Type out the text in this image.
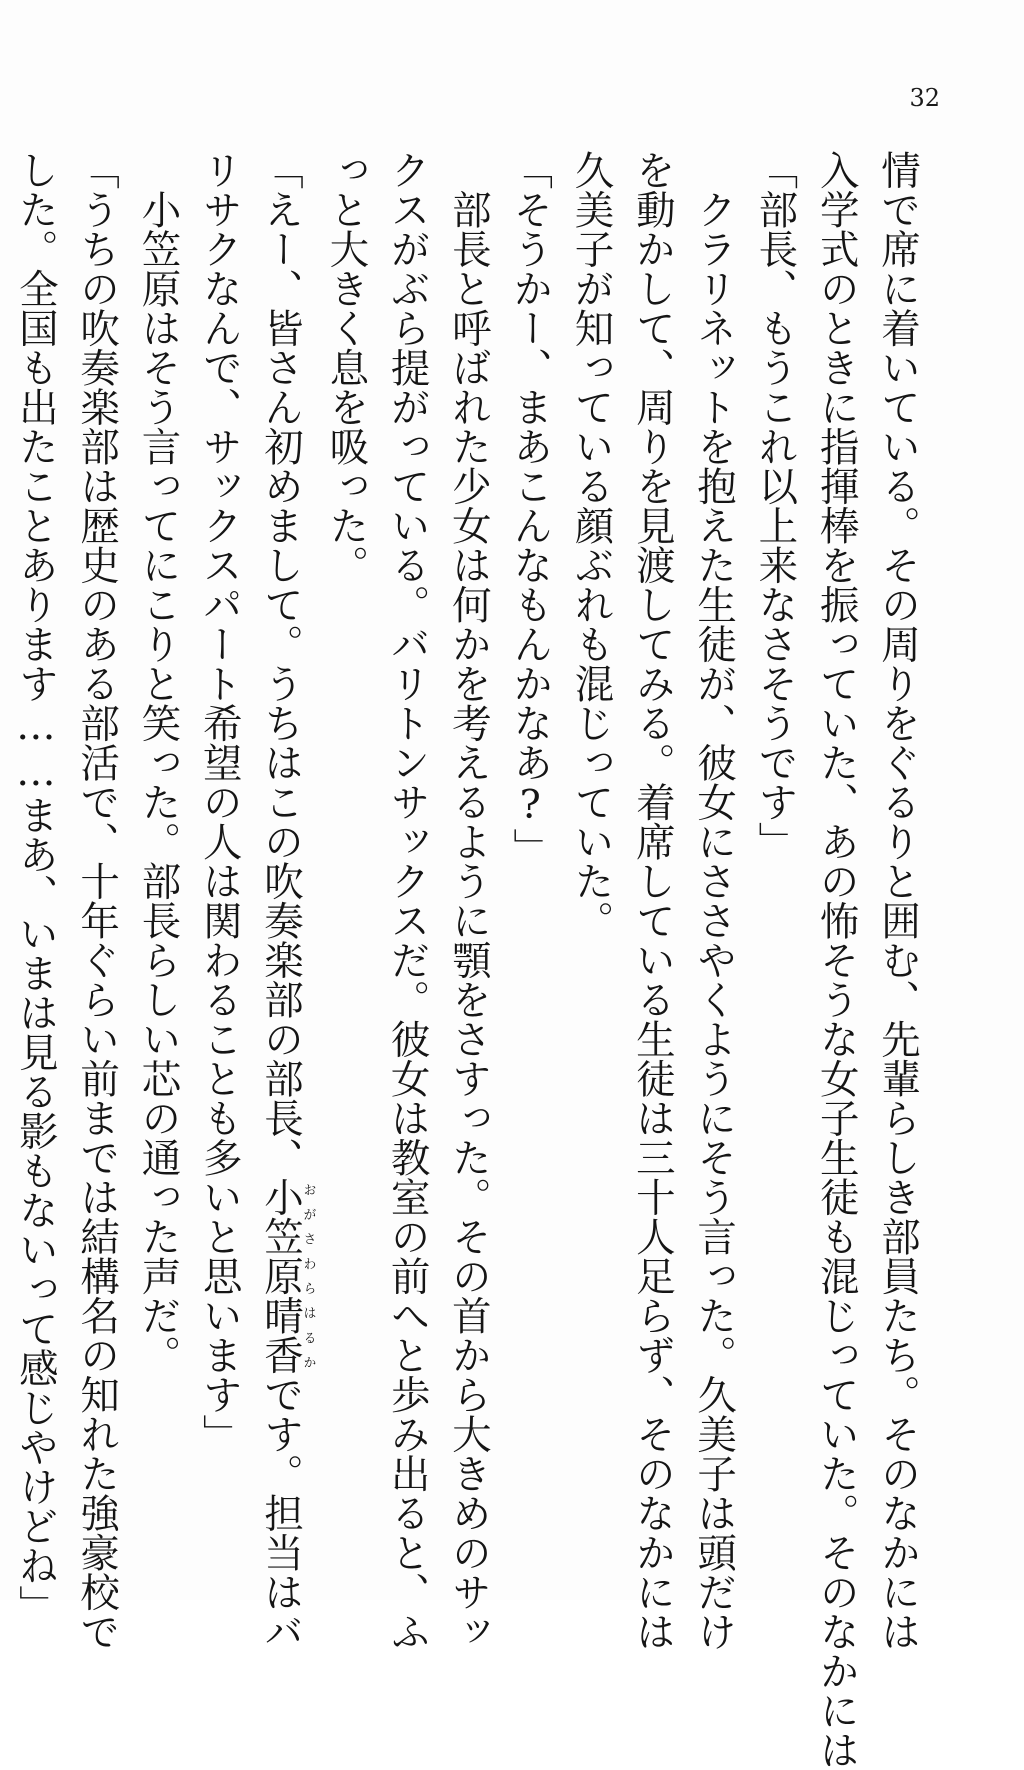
32
情で席に着いている。その周りをぐるりと囲む、先輩らしき部員たち。そのなかには
入学式のときに指揮棒を振っていた、あの怖そうな女子生徒も混じっていた。そのなかには
「部長、もうこれ以上来なさそうです」
　クラリネットを抱えた生徒が、彼女にささやくようにそう言った。久美子は頭だけ
を動かして、周りを見渡してみる。着席している生徒は三十人足らず、そのなかには
久美子が知っている顔ぶれも混じっていた。
「そうかー、まあこんなもんかなあ?」
　部長と呼ばれた少女は何かを考えるように顎をさすった。その首から大きめのサッ
クスがぶら提がっている。バリトンサックスだ。彼女は教室の前へと歩み出ると、ふ
っと大きく息を吸った。
「えー、皆さん初めまして。うちはこの吹奏楽部の部長、小笠原晴香おがさわらはるかです。担当はバ
リサクなんで、サックスパート希望の人は関わることも多いと思います」
　小笠原はそう言ってにこりと笑った。部長らしい芯の通った声だ。
「うちの吹奏楽部は歴史のある部活で、十年ぐらい前までは結構名の知れた強豪校で
した。全国も出たことあります……まあ、いまは見る影もないって感じやけどね」
